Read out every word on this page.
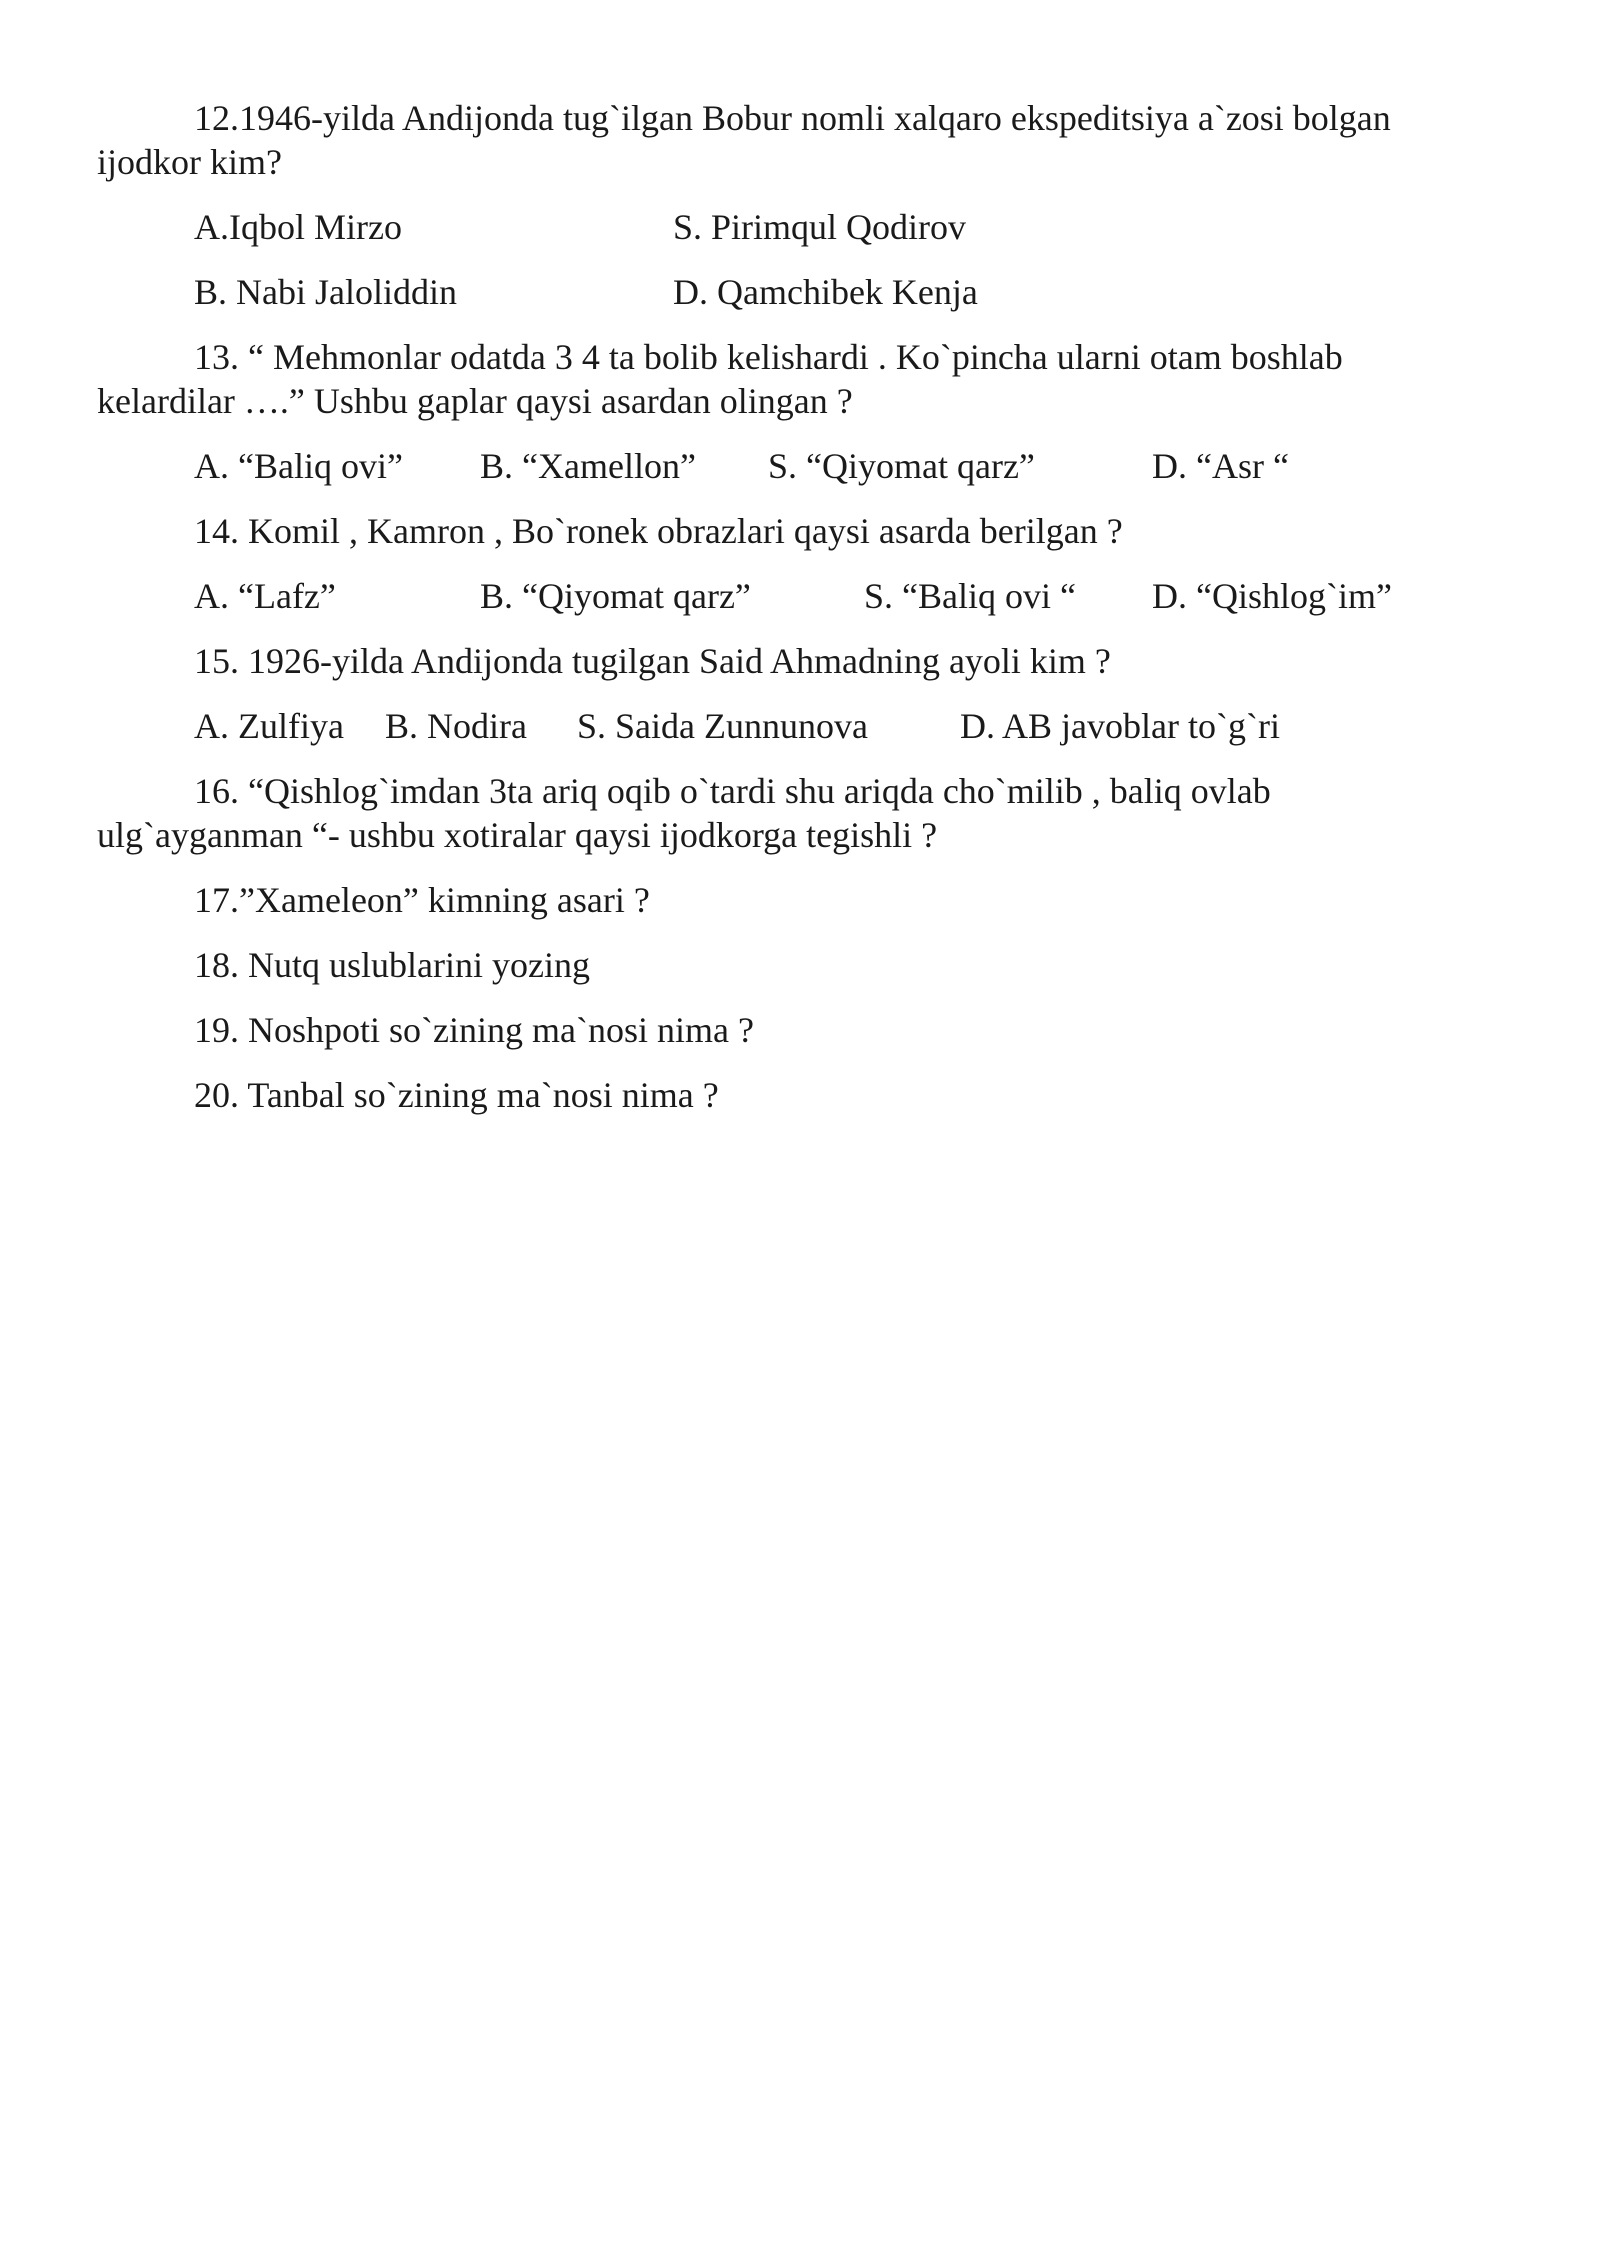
12.1946-yilda Andijonda tug`ilgan Bobur nomli xalqaro ekspeditsiya a`zosi bolgan
ijodkor kim?
A.Iqbol Mirzo	S. Pirimqul Qodirov
B. Nabi Jaloliddin	D. Qamchibek Kenja
13. “ Mehmonlar odatda 3 4 ta bolib kelishardi . Ko`pincha ularni otam boshlab
kelardilar ….” Ushbu gaplar qaysi asardan olingan ?
A. “Baliq ovi” B. “Xamellon” S. “Qiyomat qarz”	D. “Asr “
14. Komil , Kamron , Bo`ronek obrazlari qaysi asarda berilgan ?
A. “Lafz”	B. “Qiyomat qarz”	S. “Baliq ovi “ D. “Qishlog`im”
15. 1926-yilda Andijonda tugilgan Said Ahmadning ayoli kim ?
A. Zulfiya B. Nodira S. Saida Zunnunova	D. AB javoblar to`g`ri
16. “Qishlog`imdan 3ta ariq oqib o`tardi shu ariqda cho`milib , baliq ovlab
ulg`ayganman “- ushbu xotiralar qaysi ijodkorga tegishli ?
17.”Xameleon” kimning asari ?
18. Nutq uslublarini yozing
19. Noshpoti so`zining ma`nosi nima ?
20. Tanbal so`zining ma`nosi nima ?
